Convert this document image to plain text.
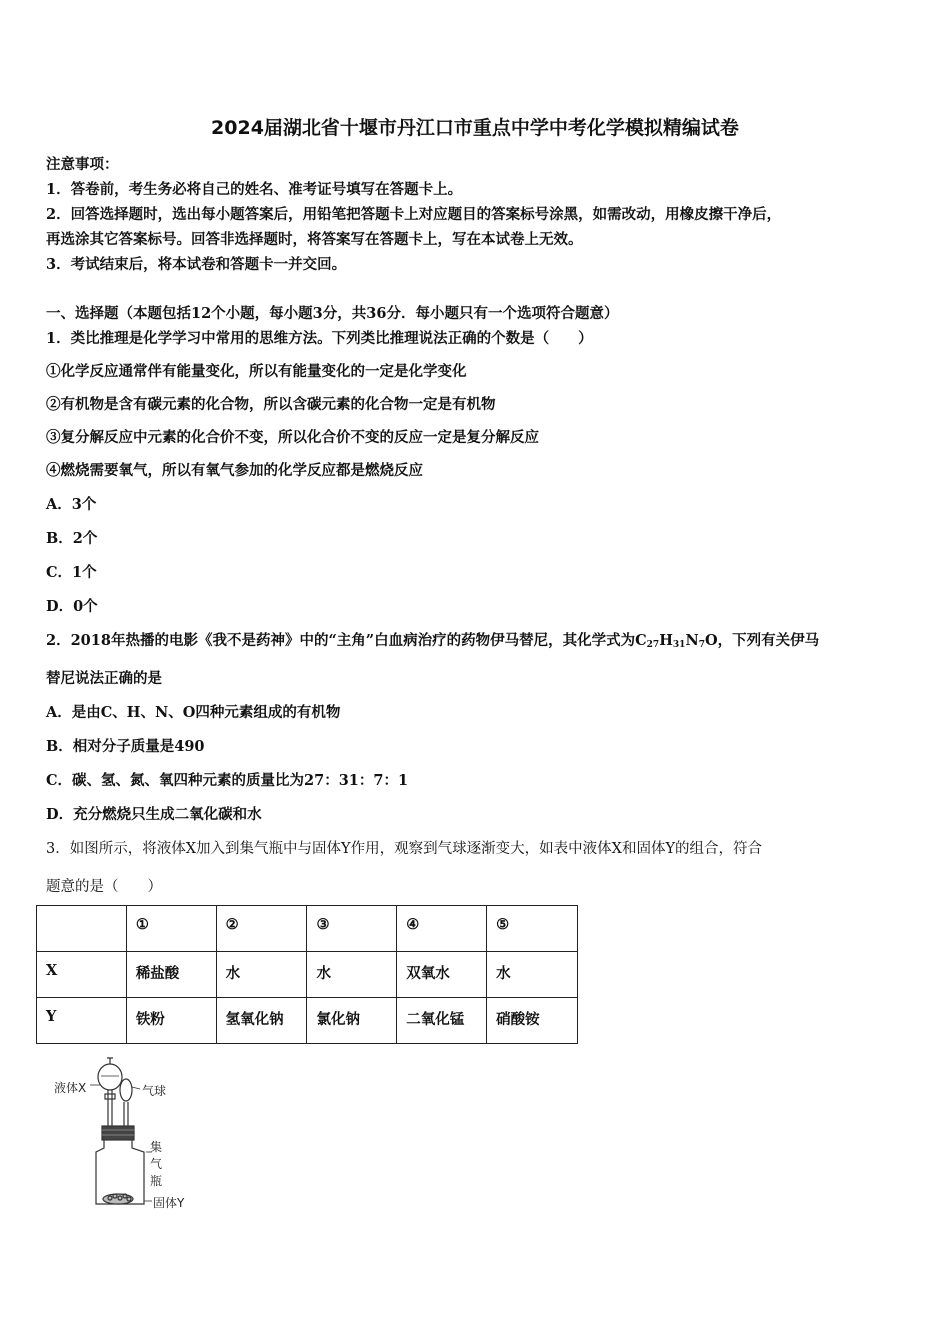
2024届湖北省十堰市丹江口市重点中学中考化学模拟精编试卷
注意事项：
1．答卷前，考生务必将自己的姓名、准考证号填写在答题卡上。
2．回答选择题时，选出每小题答案后，用铅笔把答题卡上对应题目的答案标号涂黑，如需改动，用橡皮擦干净后，
再选涂其它答案标号。回答非选择题时，将答案写在答题卡上，写在本试卷上无效。
3．考试结束后，将本试卷和答题卡一并交回。
一、选择题（本题包括12个小题，每小题3分，共36分．每小题只有一个选项符合题意）
1．类比推理是化学学习中常用的思维方法。下列类比推理说法正确的个数是（　　）
①化学反应通常伴有能量变化，所以有能量变化的一定是化学变化
②有机物是含有碳元素的化合物，所以含碳元素的化合物一定是有机物
③复分解反应中元素的化合价不变，所以化合价不变的反应一定是复分解反应
④燃烧需要氧气，所以有氧气参加的化学反应都是燃烧反应
A．3个
B．2个
C．1个
D．0个
2．2018年热播的电影《我不是药神》中的“主角”白血病治疗的药物伊马替尼，其化学式为$C_{27}H_{31}N_7O$，下列有关伊马
替尼说法正确的是
A．是由C、H、N、O四种元素组成的有机物
B．相对分子质量是490
C．碳、氢、氮、氧四种元素的质量比为27：31：7：1
D．充分燃烧只生成二氧化碳和水
3．如图所示，将液体X加入到集气瓶中与固体Y作用，观察到气球逐渐变大，如表中液体X和固体Y的组合，符合
题意的是（　　）
	①	②	③	④	⑤
X	稀盐酸	水	水	双氧水	水
Y	铁粉	氢氧化钠	氯化钠	二氧化锰	硝酸铵
液体X	气球
集
气
瓶
固体Y
